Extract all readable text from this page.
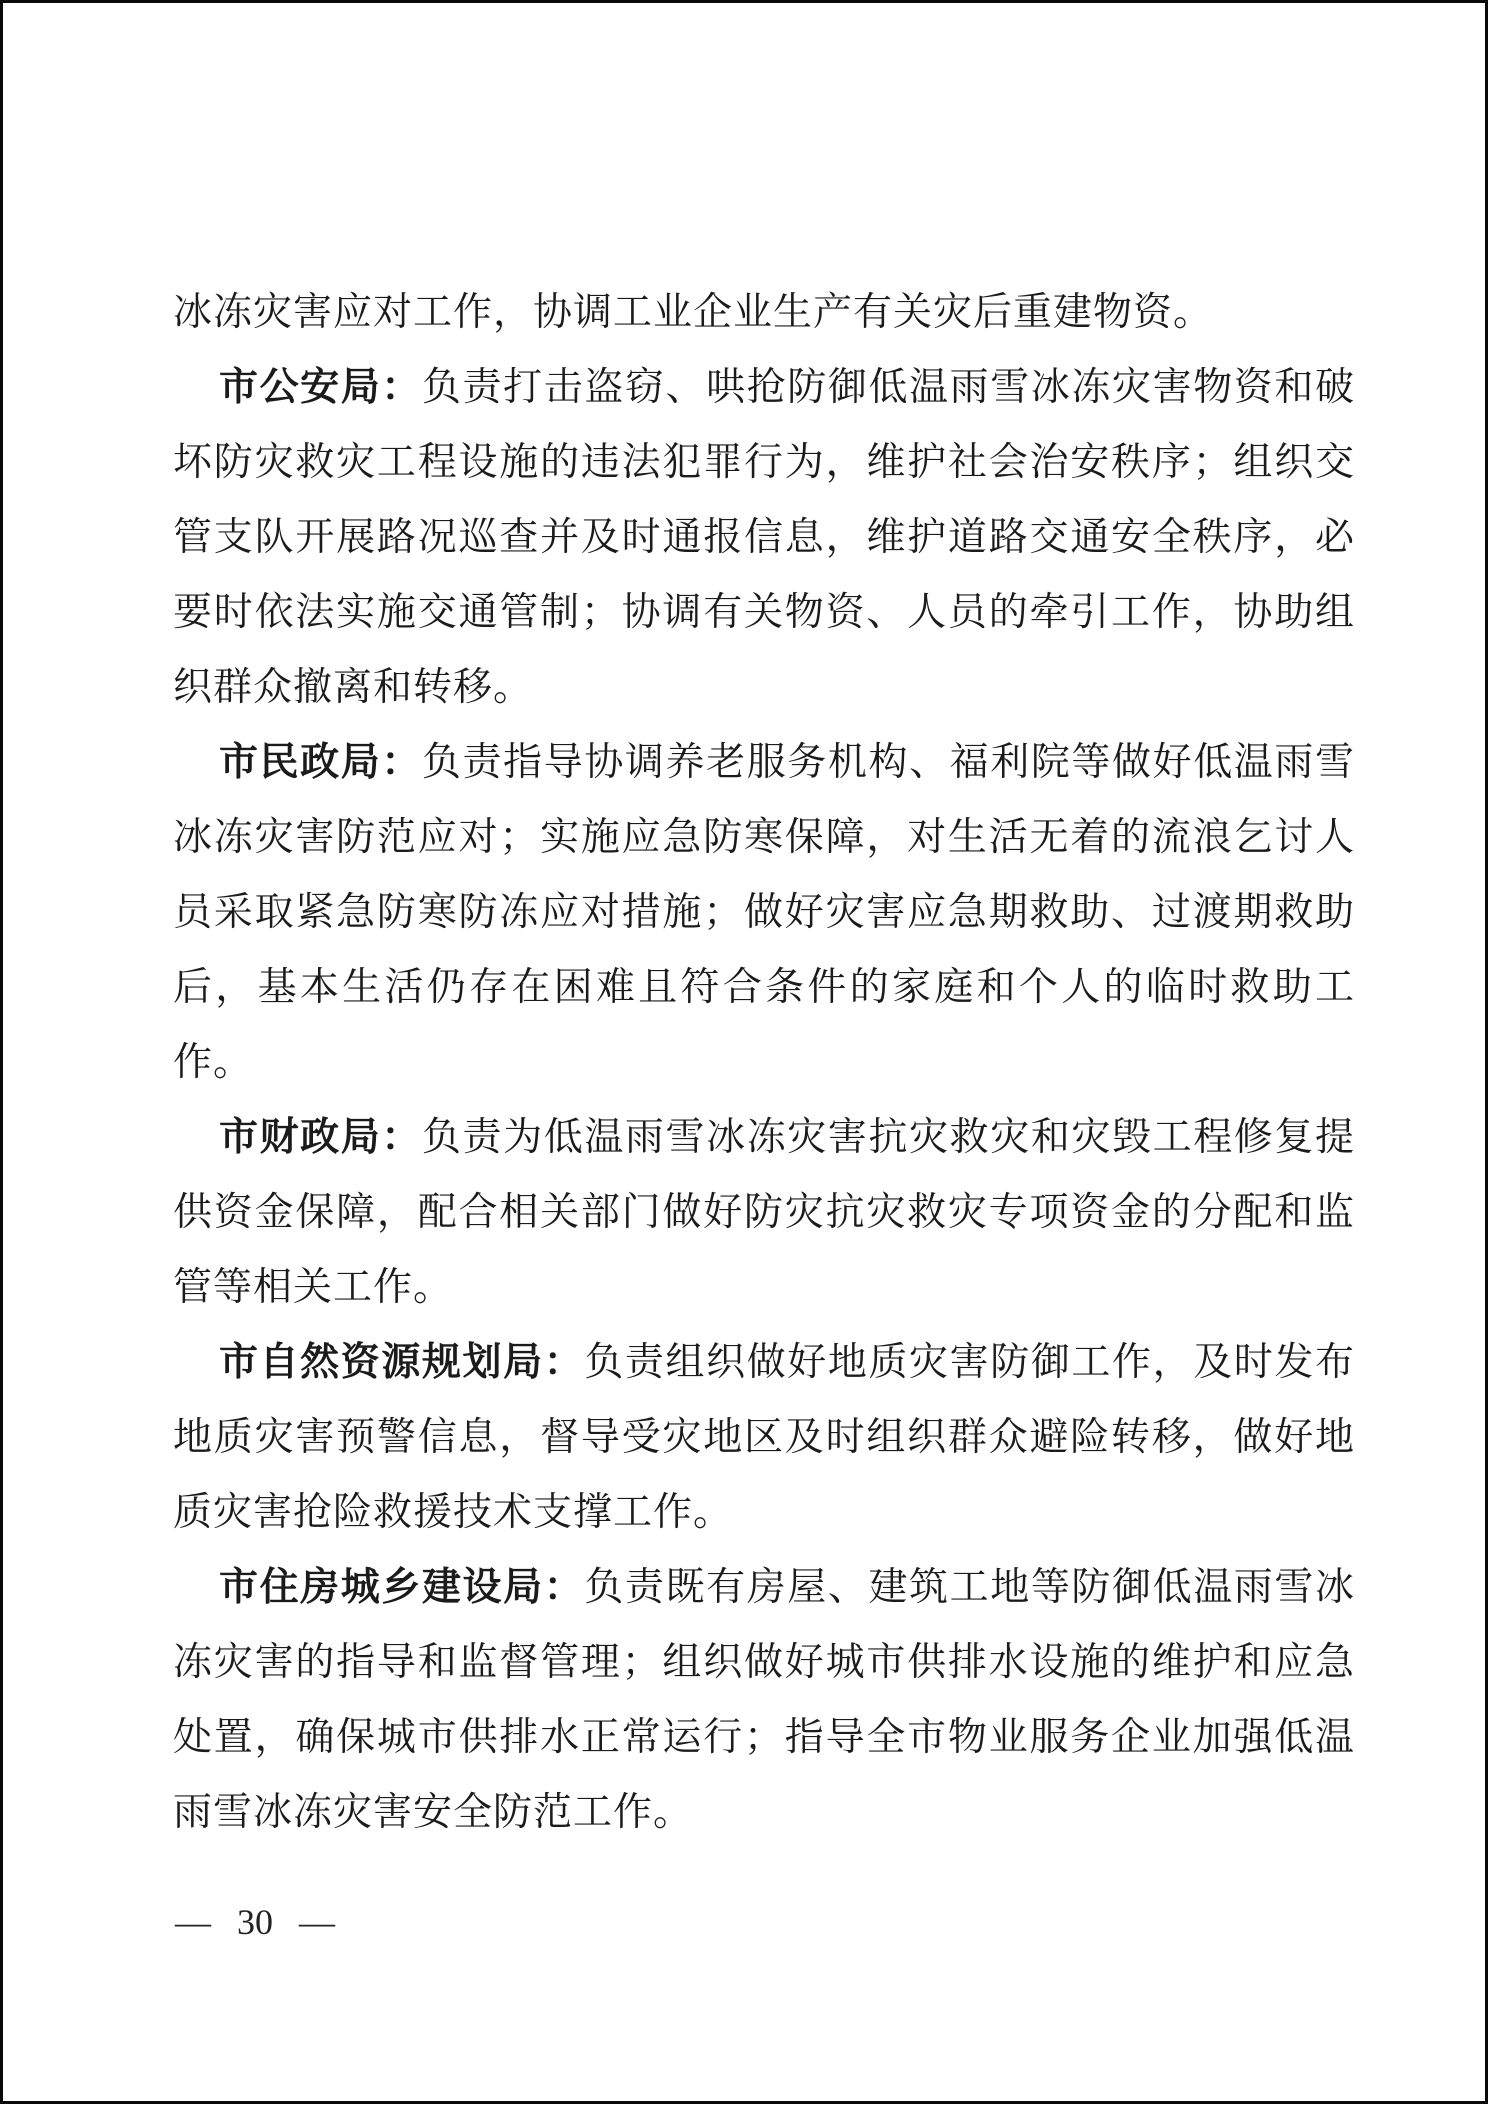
冰冻灾害应对工作，协调工业企业生产有关灾后重建物资。

市公安局：负责打击盗窃、哄抢防御低温雨雪冰冻灾害物资和破坏防灾救灾工程设施的违法犯罪行为，维护社会治安秩序；组织交管支队开展路况巡查并及时通报信息，维护道路交通安全秩序，必要时依法实施交通管制；协调有关物资、人员的牵引工作，协助组织群众撤离和转移。

市民政局：负责指导协调养老服务机构、福利院等做好低温雨雪冰冻灾害防范应对；实施应急防寒保障，对生活无着的流浪乞讨人员采取紧急防寒防冻应对措施；做好灾害应急期救助、过渡期救助后，基本生活仍存在困难且符合条件的家庭和个人的临时救助工作。

市财政局：负责为低温雨雪冰冻灾害抗灾救灾和灾毁工程修复提供资金保障，配合相关部门做好防灾抗灾救灾专项资金的分配和监管等相关工作。

市自然资源规划局：负责组织做好地质灾害防御工作，及时发布地质灾害预警信息，督导受灾地区及时组织群众避险转移，做好地质灾害抢险救援技术支撑工作。

市住房城乡建设局：负责既有房屋、建筑工地等防御低温雨雪冰冻灾害的指导和监督管理；组织做好城市供排水设施的维护和应急处置，确保城市供排水正常运行；指导全市物业服务企业加强低温雨雪冰冻灾害安全防范工作。

— 30 —
